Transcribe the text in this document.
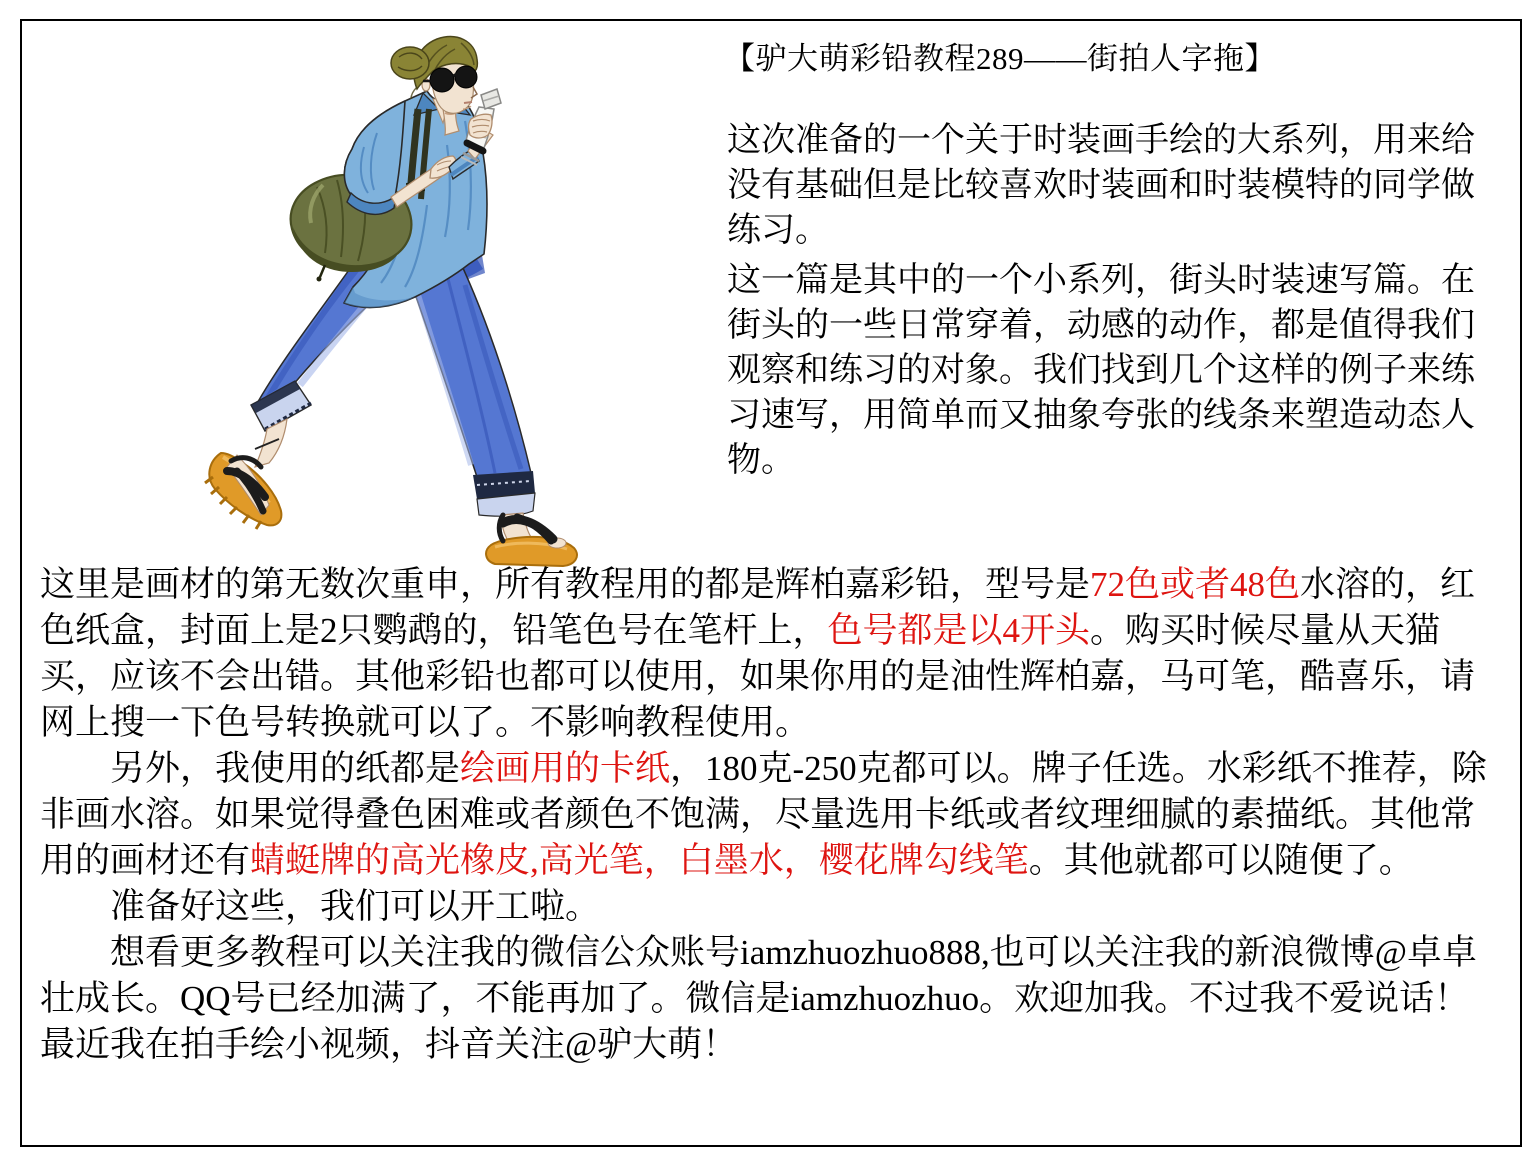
【驴大萌彩铅教程289——街拍人字拖】

这次准备的一个关于时装画手绘的大系列，用来给没有基础但是比较喜欢时装画和时装模特的同学做练习。

这一篇是其中的一个小系列，街头时装速写篇。在街头的一些日常穿着，动感的动作，都是值得我们观察和练习的对象。我们找到几个这样的例子来练习速写，用简单而又抽象夸张的线条来塑造动态人物。

这里是画材的第无数次重申，所有教程用的都是辉柏嘉彩铅，型号是72色或者48色水溶的，红色纸盒，封面上是2只鹦鹉的，铅笔色号在笔杆上，色号都是以4开头。购买时候尽量从天猫买，应该不会出错。其他彩铅也都可以使用，如果你用的是油性辉柏嘉，马可笔，酷喜乐，请网上搜一下色号转换就可以了。不影响教程使用。

另外，我使用的纸都是绘画用的卡纸，180克-250克都可以。牌子任选。水彩纸不推荐，除非画水溶。如果觉得叠色困难或者颜色不饱满，尽量选用卡纸或者纹理细腻的素描纸。其他常用的画材还有蜻蜓牌的高光橡皮,高光笔，白墨水，樱花牌勾线笔。其他就都可以随便了。

准备好这些，我们可以开工啦。

想看更多教程可以关注我的微信公众账号iamzhuozhuo888,也可以关注我的新浪微博@卓卓壮成长。QQ号已经加满了，不能再加了。微信是iamzhuozhuo。欢迎加我。不过我不爱说话！

最近我在拍手绘小视频，抖音关注@驴大萌！
